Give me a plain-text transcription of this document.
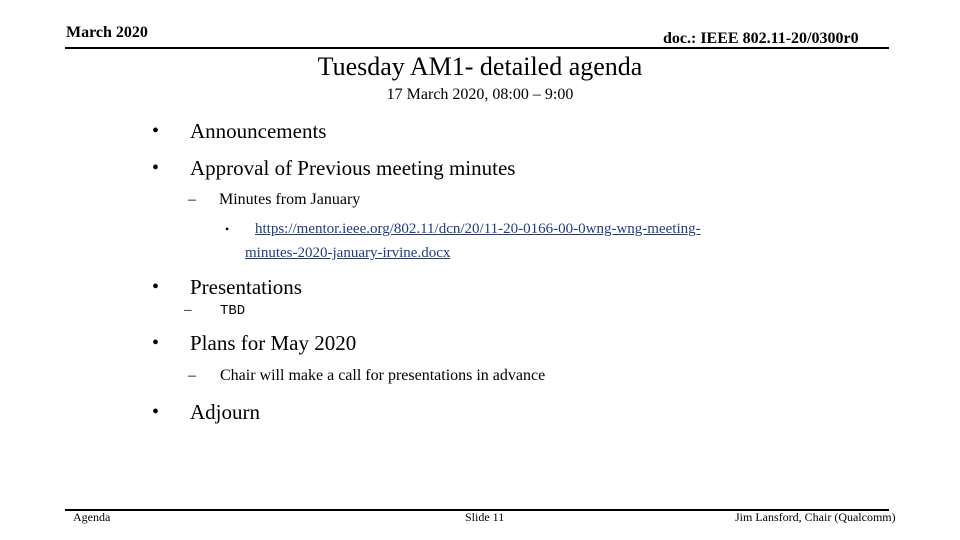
March 2020	doc.: IEEE 802.11-20/0300r0
Tuesday AM1- detailed agenda
17 March 2020, 08:00 – 9:00
• Announcements
• Approval of Previous meeting minutes
– Minutes from January
• https://mentor.ieee.org/802.11/dcn/20/11-20-0166-00-0wng-wng-meeting-
minutes-2020-january-irvine.docx
• Presentations
– TBD
• Plans for May 2020
– Chair will make a call for presentations in advance
• Adjourn
Agenda	Slide 11	Jim Lansford, Chair (Qualcomm)
